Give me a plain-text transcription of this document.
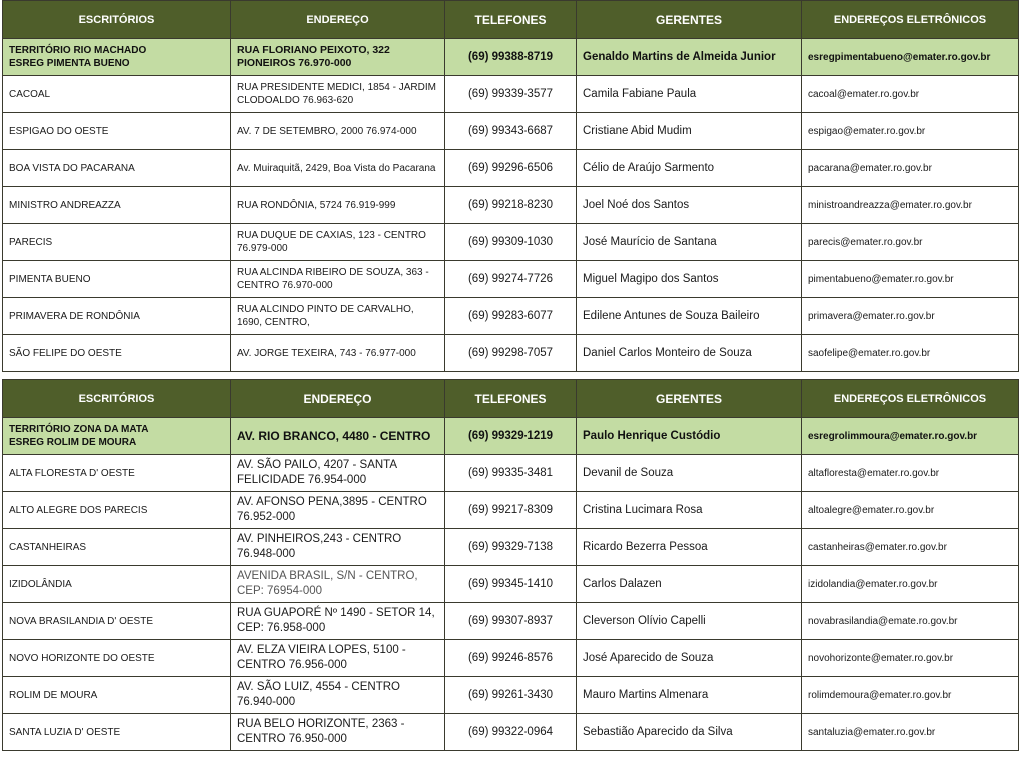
ESCRITÓRIOS	ENDEREÇO	TELEFONES	GERENTES	ENDEREÇOS ELETRÔNICOS

TERRITÓRIO RIO MACHADO
ESREG PIMENTA BUENO	RUA FLORIANO PEIXOTO, 322 PIONEIROS 76.970-000	(69) 99388-8719	Genaldo Martins de Almeida Junior	esregpimentabueno@emater.ro.gov.br
CACOAL	RUA PRESIDENTE MEDICI, 1854 - JARDIM CLODOALDO 76.963-620	(69) 99339-3577	Camila Fabiane Paula	cacoal@emater.ro.gov.br
ESPIGAO DO OESTE	AV. 7 DE SETEMBRO, 2000 76.974-000	(69) 99343-6687	Cristiane Abid Mudim	espigao@emater.ro.gov.br
BOA VISTA DO PACARANA	Av. Muiraquitã, 2429, Boa Vista do Pacarana	(69) 99296-6506	Célio de Araújo Sarmento	pacarana@emater.ro.gov.br
MINISTRO ANDREAZZA	RUA RONDÔNIA, 5724 76.919-999	(69) 99218-8230	Joel Noé dos Santos	ministroandreazza@emater.ro.gov.br
PARECIS	RUA DUQUE DE CAXIAS, 123 - CENTRO 76.979-000	(69) 99309-1030	José Maurício de Santana	parecis@emater.ro.gov.br
PIMENTA BUENO	RUA ALCINDA RIBEIRO DE SOUZA, 363 - CENTRO 76.970-000	(69) 99274-7726	Miguel Magipo dos Santos	pimentabueno@emater.ro.gov.br
PRIMAVERA DE RONDÔNIA	RUA ALCINDO PINTO DE CARVALHO, 1690, CENTRO,	(69) 99283-6077	Edilene Antunes de Souza Baileiro	primavera@emater.ro.gov.br
SÃO FELIPE DO OESTE	AV. JORGE TEXEIRA, 743 - 76.977-000	(69) 99298-7057	Daniel Carlos Monteiro de Souza	saofelipe@emater.ro.gov.br
ESCRITÓRIOS	ENDEREÇO	TELEFONES	GERENTES	ENDEREÇOS ELETRÔNICOS

TERRITÓRIO ZONA DA MATA
ESREG ROLIM DE MOURA	AV. RIO BRANCO, 4480 - CENTRO	(69) 99329-1219	Paulo Henrique Custódio	esregrolimmoura@emater.ro.gov.br
ALTA FLORESTA D' OESTE	AV. SÃO PAILO, 4207 - SANTA FELICIDADE 76.954-000	(69) 99335-3481	Devanil de Souza	altafloresta@emater.ro.gov.br
ALTO ALEGRE DOS PARECIS	AV. AFONSO PENA,3895 - CENTRO 76.952-000	(69) 99217-8309	Cristina Lucimara Rosa	altoalegre@emater.ro.gov.br
CASTANHEIRAS	AV. PINHEIROS,243 - CENTRO 76.948-000	(69) 99329-7138	Ricardo Bezerra Pessoa	castanheiras@emater.ro.gov.br
IZIDOLÂNDIA	AVENIDA BRASIL, S/N - CENTRO, CEP: 76954-000	(69) 99345-1410	Carlos Dalazen	izidolandia@emater.ro.gov.br
NOVA BRASILANDIA D' OESTE	RUA GUAPORÉ Nº 1490 - SETOR 14, CEP: 76.958-000	(69) 99307-8937	Cleverson Olívio Capelli	novabrasilandia@emate.ro.gov.br
NOVO HORIZONTE DO OESTE	AV. ELZA VIEIRA LOPES, 5100 - CENTRO 76.956-000	(69) 99246-8576	José Aparecido de Souza	novohorizonte@emater.ro.gov.br
ROLIM DE MOURA	AV. SÃO LUIZ, 4554 - CENTRO 76.940-000	(69) 99261-3430	Mauro Martins Almenara	rolimdemoura@emater.ro.gov.br
SANTA LUZIA D' OESTE	RUA BELO HORIZONTE, 2363 - CENTRO 76.950-000	(69) 99322-0964	Sebastião Aparecido da Silva	santaluzia@emater.ro.gov.br
